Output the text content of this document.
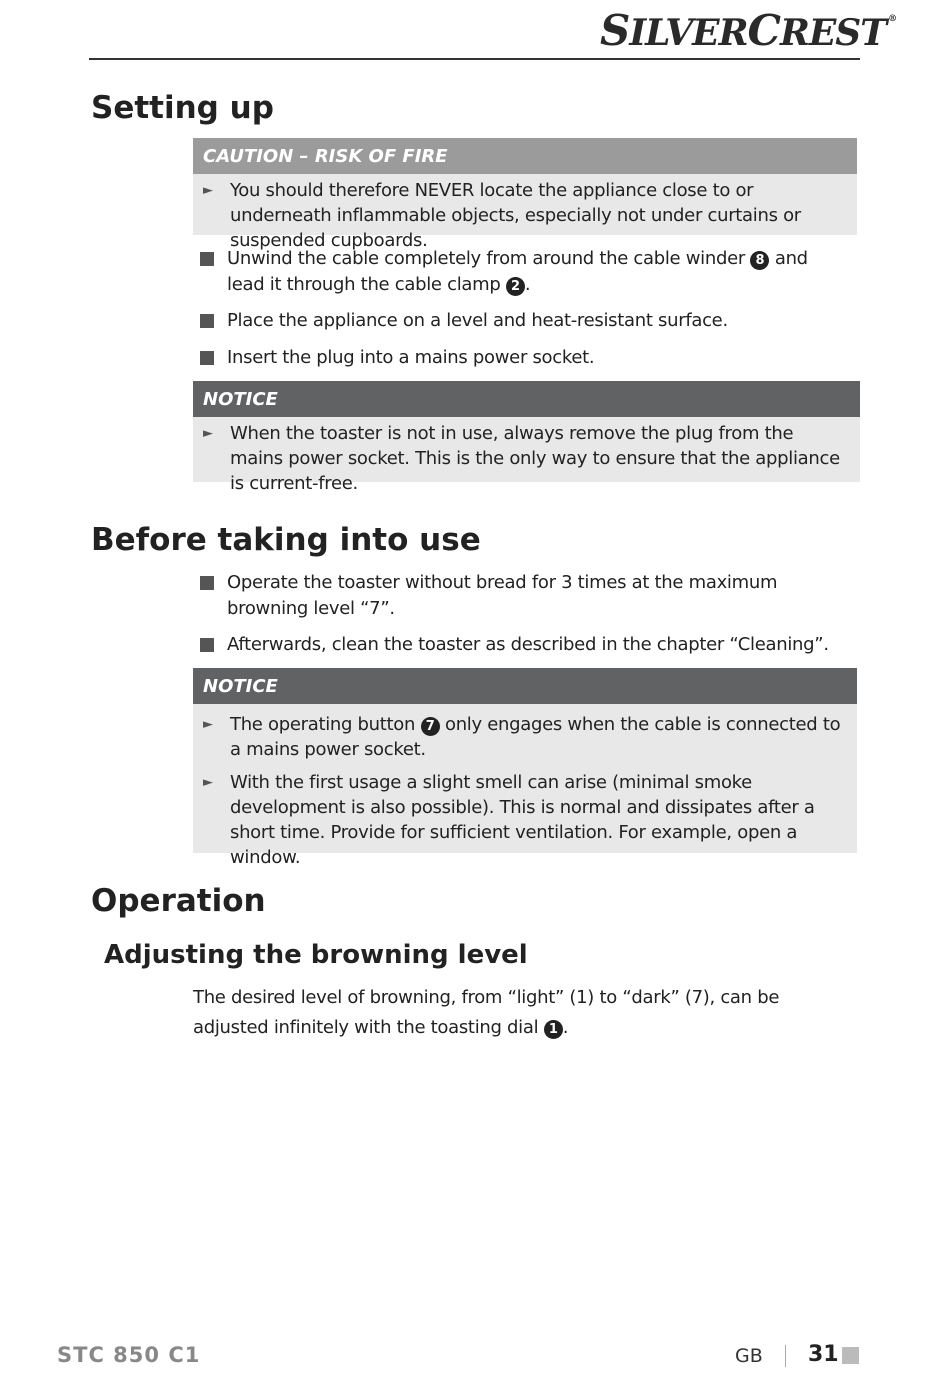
SILVERCREST ®
Setting up
CAUTION – RISK OF FIRE
► You should therefore NEVER locate the appliance close to or underneath inflammable objects, especially not under curtains or suspended cupboards.
Unwind the cable completely from around the cable winder 8 and lead it through the cable clamp 2 .
Place the appliance on a level and heat-resistant surface.
Insert the plug into a mains power socket.
NOTICE
► When the toaster is not in use, always remove the plug from the mains power socket. This is the only way to ensure that the appliance is current-free.
Before taking into use
Operate the toaster without bread for 3 times at the maximum browning level “7”.
Afterwards, clean the toaster as described in the chapter “Cleaning”.
NOTICE
► The operating button 7 only engages when the cable is connected to a mains power socket.
► With the first usage a slight smell can arise (minimal smoke development is also possible). This is normal and dissipates after a short time. Provide for sufficient ventilation. For example, open a window.
Operation
Adjusting the browning level
The desired level of browning, from “light” (1) to “dark” (7), can be adjusted infinitely with the toasting dial 1 .
STC 850 C1	GB 31
